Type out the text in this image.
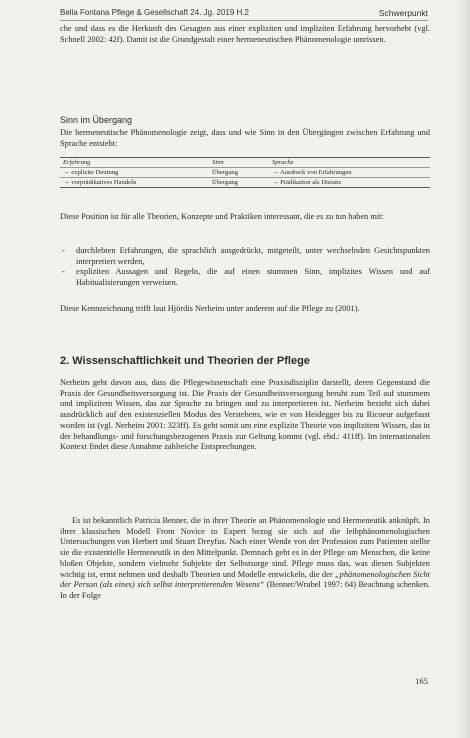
Bella Fontana Pflege & Gesellschaft 24. Jg. 2019 H.2	Schwerpunkt
che und dass es die Herkunft des Gesagten aus einer expliziten und impliziten Erfahrung hervorhebt (vgl. Schnell 2002: 42f). Damit ist die Grundgestalt einer hermeneutischen Phänomenologie umrissen.
Sinn im Übergang
Die hermeneutische Phänomenologie zeigt, dass und wie Sinn in den Übergängen zwischen Erfahrung und Sprache entsteht:
Erfahrung	Sinn	Sprache
→ explizite Deutung	Übergang	→ Ausdruck von Erfahrungen
→ vorprädikatives Handeln	Übergang	→ Prädikation als Distanz
Diese Position ist für alle Theorien, Konzepte und Praktiken interessant, die es zu tun haben mit:
- durchlebten Erfahrungen, die sprachlich ausgedrückt, mitgeteilt, unter wechselnden Gesichtspunkten interpretiert werden,
- expliziten Aussagen und Regeln, die auf einen stummen Sinn, implizites Wissen und auf Habitualisierungen verweisen.
Diese Kennzeichnung trifft laut Hjördis Nerheim unter anderem auf die Pflege zu (2001).
2. Wissenschaftlichkeit und Theorien der Pflege
Nerheim geht davon aus, dass die Pflegewissenschaft eine Praxisdisziplin darstellt, deren Gegenstand die Praxis der Gesundheitsversorgung ist. Die Praxis der Gesundheitsversorgung beruht zum Teil auf stummem und implizitem Wissen, das zur Sprache zu bringen und zu interpretieren ist. Nerheim bezieht sich dabei ausdrücklich auf den existenziellen Modus des Verstehens, wie er von Heidegger bis zu Ricoeur aufgefasst worden ist (vgl. Nerheim 2001: 323ff). Es geht somit um eine explizite Theorie von implizitem Wissen, das in der behandlungs- und forschungsbezogenen Praxis zur Geltung kommt (vgl. ebd.: 411ff). Im internationalen Kontext findet diese Annahme zahlreiche Entsprechungen.
Es ist bekanntlich Patricia Benner, die in ihrer Theorie an Phänomenologie und Hermeneutik anknüpft. In ihrer klassischen Modell From Novice to Expert bezog sie sich auf die leibphänomenologischen Untersuchungen von Herbert und Stuart Dreyfus. Nach einer Wende von der Profession zum Patienten stellte sie die existentielle Hermeneutik in den Mittelpunkt. Demnach geht es in der Pflege um Menschen, die keine bloßen Objekte, sondern vielmehr Subjekte der Selbstsorge sind. Pflege muss das, was diesen Subjekten wichtig ist, ernst nehmen und deshalb Theorien und Modelle entwickeln, die der „phänomenologischen Sicht der Person (als eines) sich selbst interpretierenden Wesens“ (Benner/Wrubel 1997: 64) Beachtung schenken. In der Folge
165
